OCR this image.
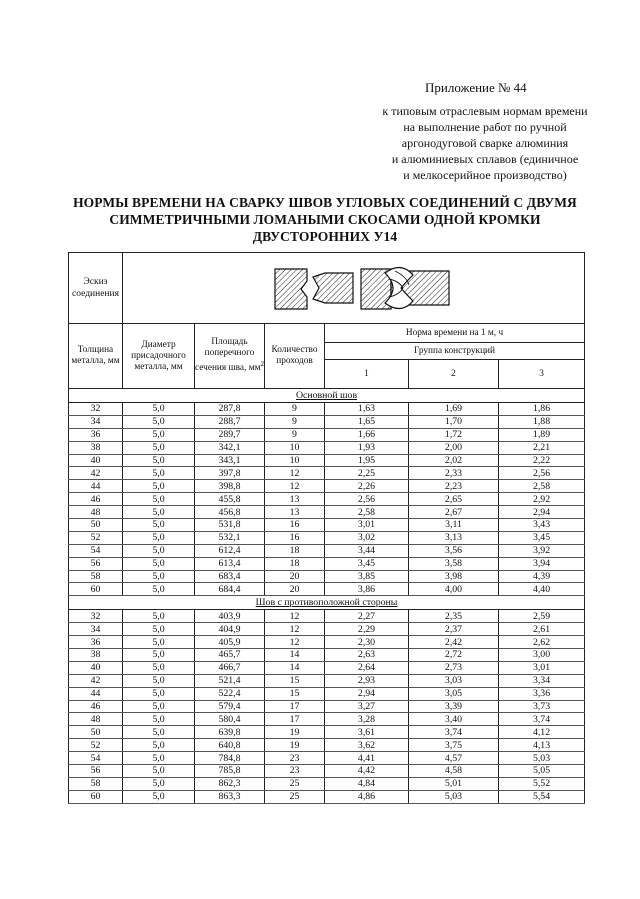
Приложение № 44
к типовым отраслевым нормам времени
на выполнение работ по ручной
аргонодуговой сварке алюминия
и алюминиевых сплавов (единичное
и мелкосерийное производство)
НОРМЫ ВРЕМЕНИ НА СВАРКУ ШВОВ УГЛОВЫХ СОЕДИНЕНИЙ С ДВУМЯ
СИММЕТРИЧНЫМИ ЛОМАНЫМИ СКОСАМИ ОДНОЙ КРОМКИ
ДВУСТОРОННИХ У14
Эскиз соединения	

Толщина металла, мм	Диаметр присадочного металла, мм	Площадь поперечного сечения шва, $мм^2$	Количество проходов	Норма времени на 1 м, ч		
				Группа конструкций		
				1	2	3
Основной шов						
32	5,0	287,8	9	1,63	1,69	1,86
34	5,0	288,7	9	1,65	1,70	1,88
36	5,0	289,7	9	1,66	1,72	1,89
38	5,0	342,1	10	1,93	2,00	2,21
40	5,0	343,1	10	1,95	2,02	2,22
42	5,0	397,8	12	2,25	2,33	2,56
44	5,0	398,8	12	2,26	2,23	2,58
46	5,0	455,8	13	2,56	2,65	2,92
48	5,0	456,8	13	2,58	2,67	2,94
50	5,0	531,8	16	3,01	3,11	3,43
52	5,0	532,1	16	3,02	3,13	3,45
54	5,0	612,4	18	3,44	3,56	3,92
56	5,0	613,4	18	3,45	3,58	3,94
58	5,0	683,4	20	3,85	3,98	4,39
60	5,0	684,4	20	3,86	4,00	4,40
Шов с противоположной стороны						
32	5,0	403,9	12	2,27	2,35	2,59
34	5,0	404,9	12	2,29	2,37	2,61
36	5,0	405,9	12	2,30	2,42	2,62
38	5,0	465,7	14	2,63	2,72	3,00
40	5,0	466,7	14	2,64	2,73	3,01
42	5,0	521,4	15	2,93	3,03	3,34
44	5,0	522,4	15	2,94	3,05	3,36
46	5,0	579,4	17	3,27	3,39	3,73
48	5,0	580,4	17	3,28	3,40	3,74
50	5,0	639,8	19	3,61	3,74	4,12
52	5,0	640,8	19	3,62	3,75	4,13
54	5,0	784,8	23	4,41	4,57	5,03
56	5,0	785,8	23	4,42	4,58	5,05
58	5,0	862,3	25	4,84	5,01	5,52
60	5,0	863,3	25	4,86	5,03	5,54
